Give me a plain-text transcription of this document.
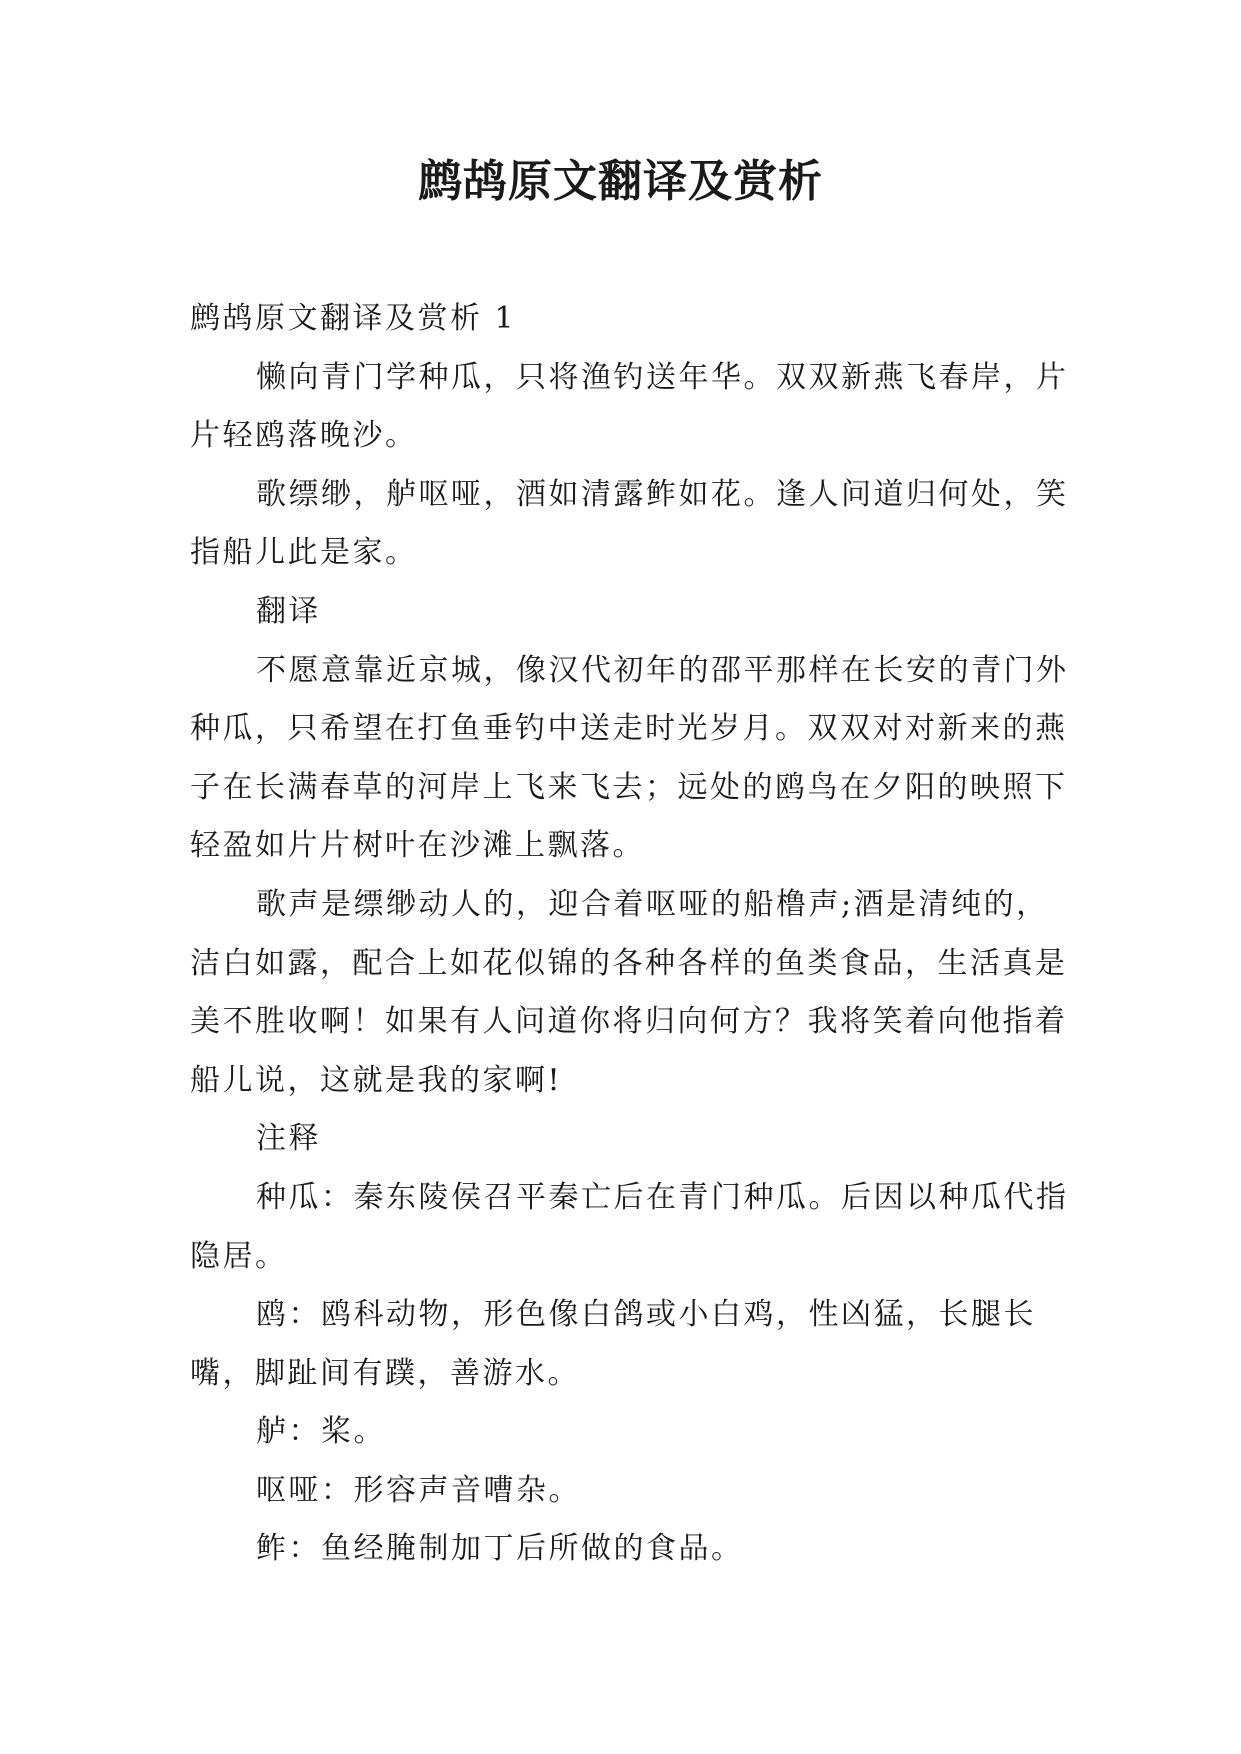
鹧鸪原文翻译及赏析

鹧鸪原文翻译及赏析 1

懒向青门学种瓜，只将渔钓送年华。双双新燕飞春岸，片片轻鸥落晚沙。

歌缥缈，舻呕哑，酒如清露鲊如花。逢人问道归何处，笑指船儿此是家。

翻译

不愿意靠近京城，像汉代初年的邵平那样在长安的青门外种瓜，只希望在打鱼垂钓中送走时光岁月。双双对对新来的燕子在长满春草的河岸上飞来飞去；远处的鸥鸟在夕阳的映照下轻盈如片片树叶在沙滩上飘落。

歌声是缥缈动人的，迎合着呕哑的船橹声;酒是清纯的，洁白如露，配合上如花似锦的各种各样的鱼类食品，生活真是美不胜收啊！如果有人问道你将归向何方？我将笑着向他指着船儿说，这就是我的家啊!

注释

种瓜：秦东陵侯召平秦亡后在青门种瓜。后因以种瓜代指隐居。

鸥：鸥科动物，形色像白鸽或小白鸡，性凶猛，长腿长嘴，脚趾间有蹼，善游水。

舻：桨。

呕哑：形容声音嘈杂。

鲊：鱼经腌制加丁后所做的食品。
